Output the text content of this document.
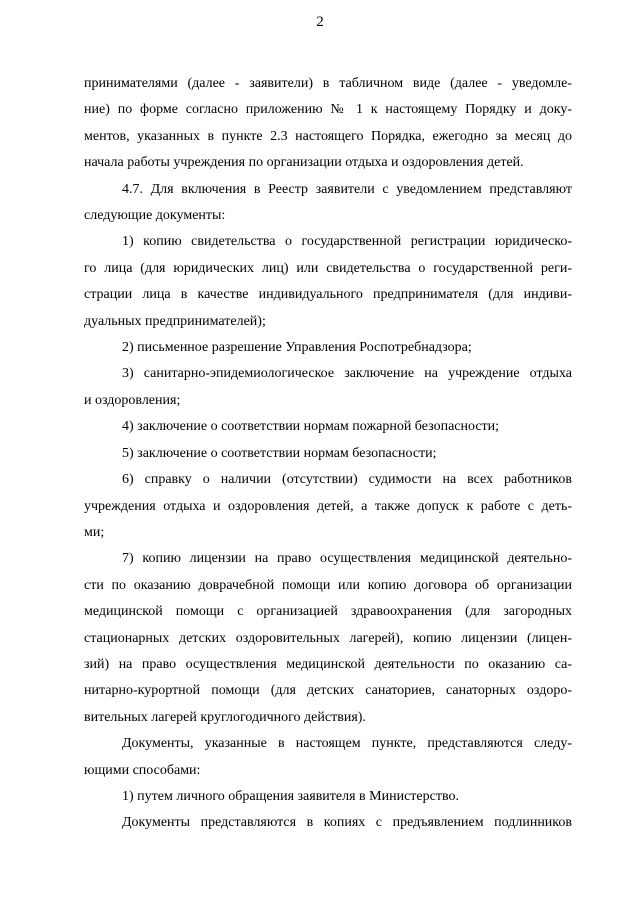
2
принимателями (далее - заявители) в табличном виде (далее - уведомле-
ние) по форме согласно приложению № 1 к настоящему Порядку и доку-
ментов, указанных в пункте 2.3 настоящего Порядка, ежегодно за месяц до
начала работы учреждения по организации отдыха и оздоровления детей.
4.7. Для включения в Реестр заявители с уведомлением представляют
следующие документы:
1) копию свидетельства о государственной регистрации юридическо-
го лица (для юридических лиц) или свидетельства о государственной реги-
страции лица в качестве индивидуального предпринимателя (для индиви-
дуальных предпринимателей);
2) письменное разрешение Управления Роспотребнадзора;
3) санитарно-эпидемиологическое заключение на учреждение отдыха
и оздоровления;
4) заключение о соответствии нормам пожарной безопасности;
5) заключение о соответствии нормам безопасности;
6) справку о наличии (отсутствии) судимости на всех работников
учреждения отдыха и оздоровления детей, а также допуск к работе с деть-
ми;
7) копию лицензии на право осуществления медицинской деятельно-
сти по оказанию доврачебной помощи или копию договора об организации
медицинской помощи с организацией здравоохранения (для загородных
стационарных детских оздоровительных лагерей), копию лицензии (лицен-
зий) на право осуществления медицинской деятельности по оказанию са-
нитарно-курортной помощи (для детских санаториев, санаторных оздоро-
вительных лагерей круглогодичного действия).
Документы, указанные в настоящем пункте, представляются следу-
ющими способами:
1) путем личного обращения заявителя в Министерство.
Документы представляются в копиях с предъявлением подлинников
